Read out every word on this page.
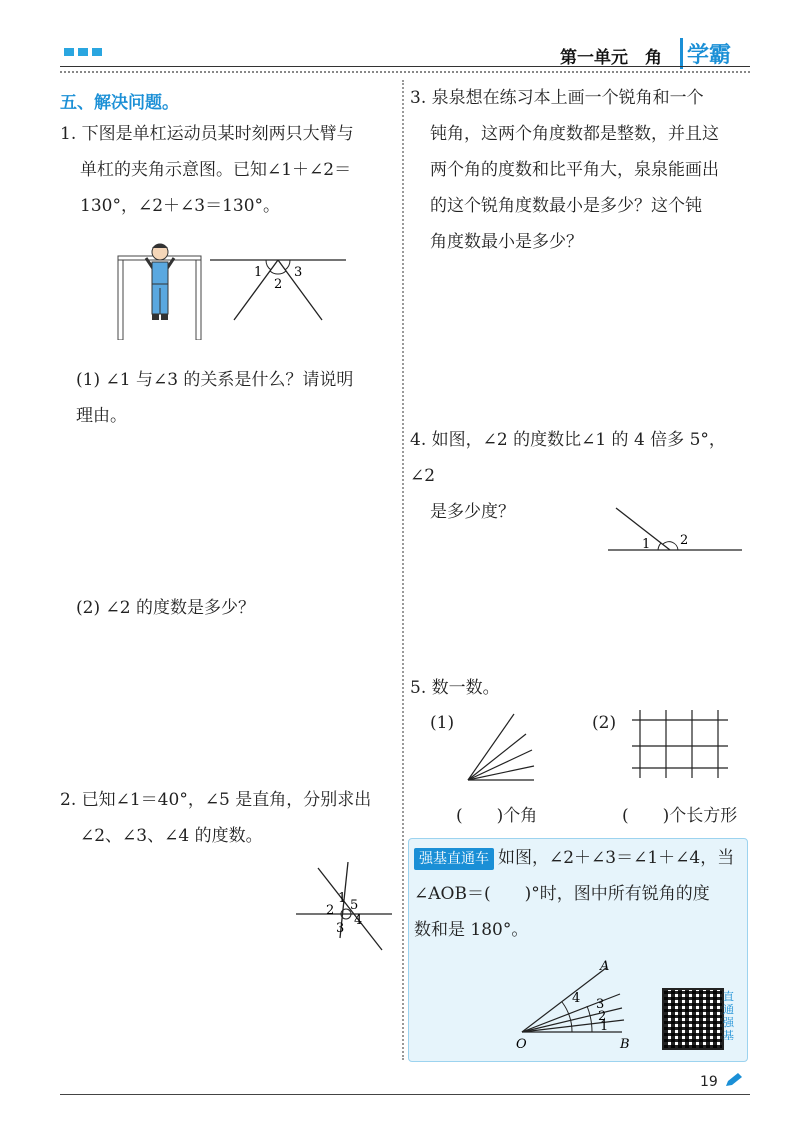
第一单元　角	学霸
五、解决问题。
1. 下图是单杠运动员某时刻两只大臂与
单杠的夹角示意图。已知∠1＋∠2＝
130°，∠2＋∠3＝130°。
1
2
3
(1) ∠1 与∠3 的关系是什么？请说明
理由。
(2) ∠2 的度数是多少？
2. 已知∠1＝40°，∠5 是直角，分别求出
∠2、∠3、∠4 的度数。
1
2
3
4
5
3. 泉泉想在练习本上画一个锐角和一个
钝角，这两个角度数都是整数，并且这
两个角的度数和比平角大，泉泉能画出
的这个锐角度数最小是多少？这个钝
角度数最小是多少？
4. 如图，∠2 的度数比∠1 的 4 倍多 5°，∠2
是多少度？
1 2
5. 数一数。
(1)	(2)
(　　)个角	(　　)个长方形
强基直通车 如图，∠2＋∠3＝∠1＋∠4，当
∠AOB＝(　　)°时，图中所有锐角的度
数和是 180°。
A
4 3
2
1
O	B
直通强基
19
